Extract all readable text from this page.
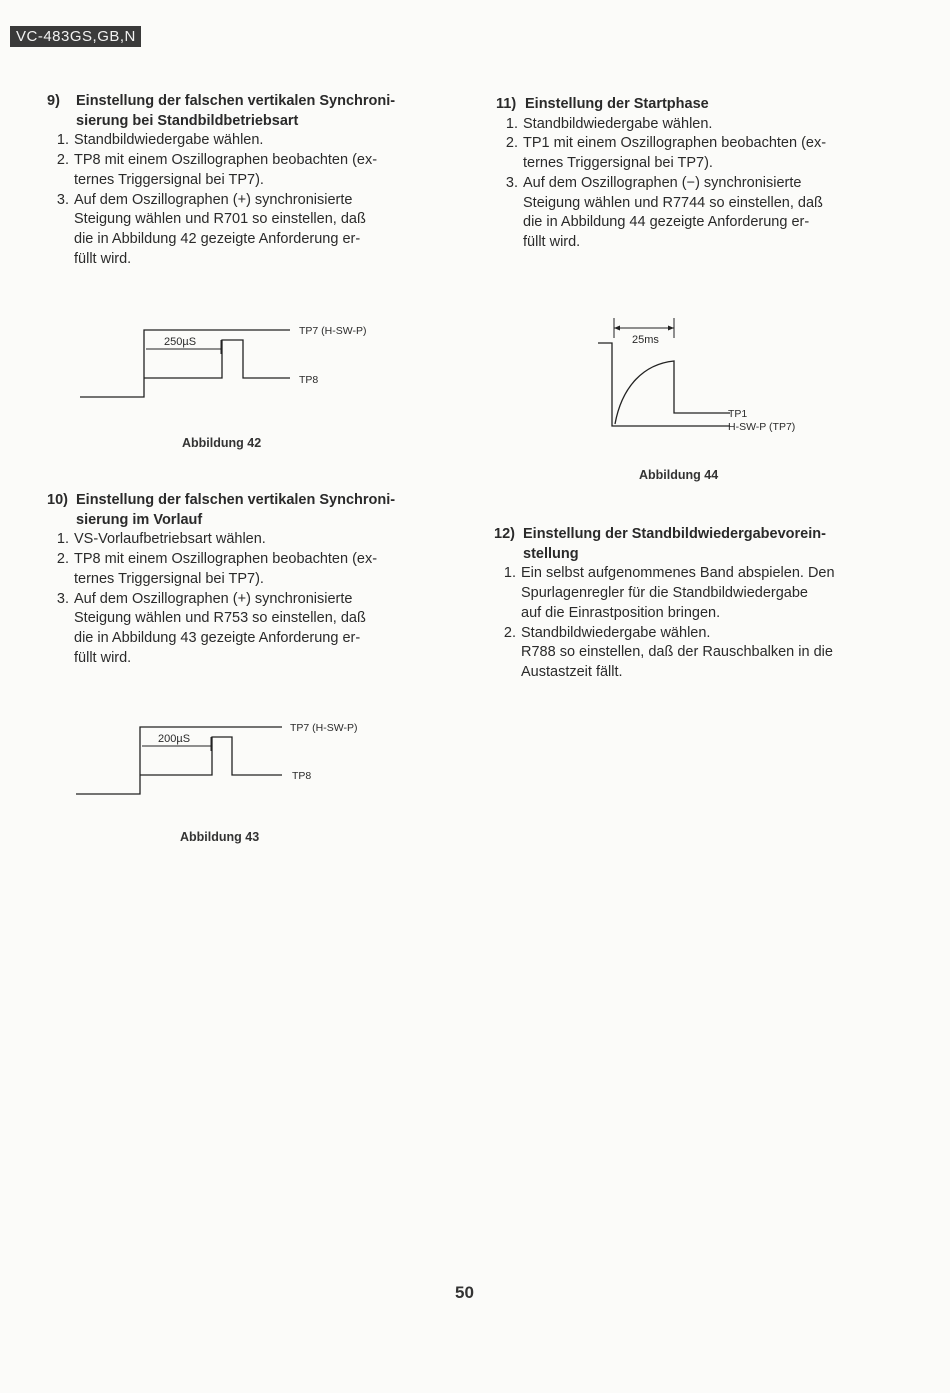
VC-483GS,GB,N
9)	Einstellung der falschen vertikalen Synchroni-
sierung bei Standbildbetriebsart
1. Standbildwiedergabe wählen.
2. TP8 mit einem Oszillographen beobachten (ex-
ternes Triggersignal bei TP7).
3. Auf dem Oszillographen (+) synchronisierte
Steigung wählen und R701 so einstellen, daß
die in Abbildung 42 gezeigte Anforderung er-
füllt wird.
250µS
TP7 (H-SW-P)
TP8
Abbildung 42
10) Einstellung der falschen vertikalen Synchroni-
sierung im Vorlauf
1. VS-Vorlaufbetriebsart wählen.
2. TP8 mit einem Oszillographen beobachten (ex-
ternes Triggersignal bei TP7).
3. Auf dem Oszillographen (+) synchronisierte
Steigung wählen und R753 so einstellen, daß
die in Abbildung 43 gezeigte Anforderung er-
füllt wird.
200µS
TP7 (H-SW-P)
TP8
Abbildung 43
11) Einstellung der Startphase
1. Standbildwiedergabe wählen.
2. TP1 mit einem Oszillographen beobachten (ex-
ternes Triggersignal bei TP7).
3. Auf dem Oszillographen (−) synchronisierte
Steigung wählen und R7744 so einstellen, daß
die in Abbildung 44 gezeigte Anforderung er-
füllt wird.
25ms
TP1
H-SW-P (TP7)
Abbildung 44
12) Einstellung der Standbildwiedergabevorein-
stellung
1. Ein selbst aufgenommenes Band abspielen. Den
Spurlagenregler für die Standbildwiedergabe
auf die Einrastposition bringen.
2. Standbildwiedergabe wählen.
R788 so einstellen, daß der Rauschbalken in die
Austastzeit fällt.
50
